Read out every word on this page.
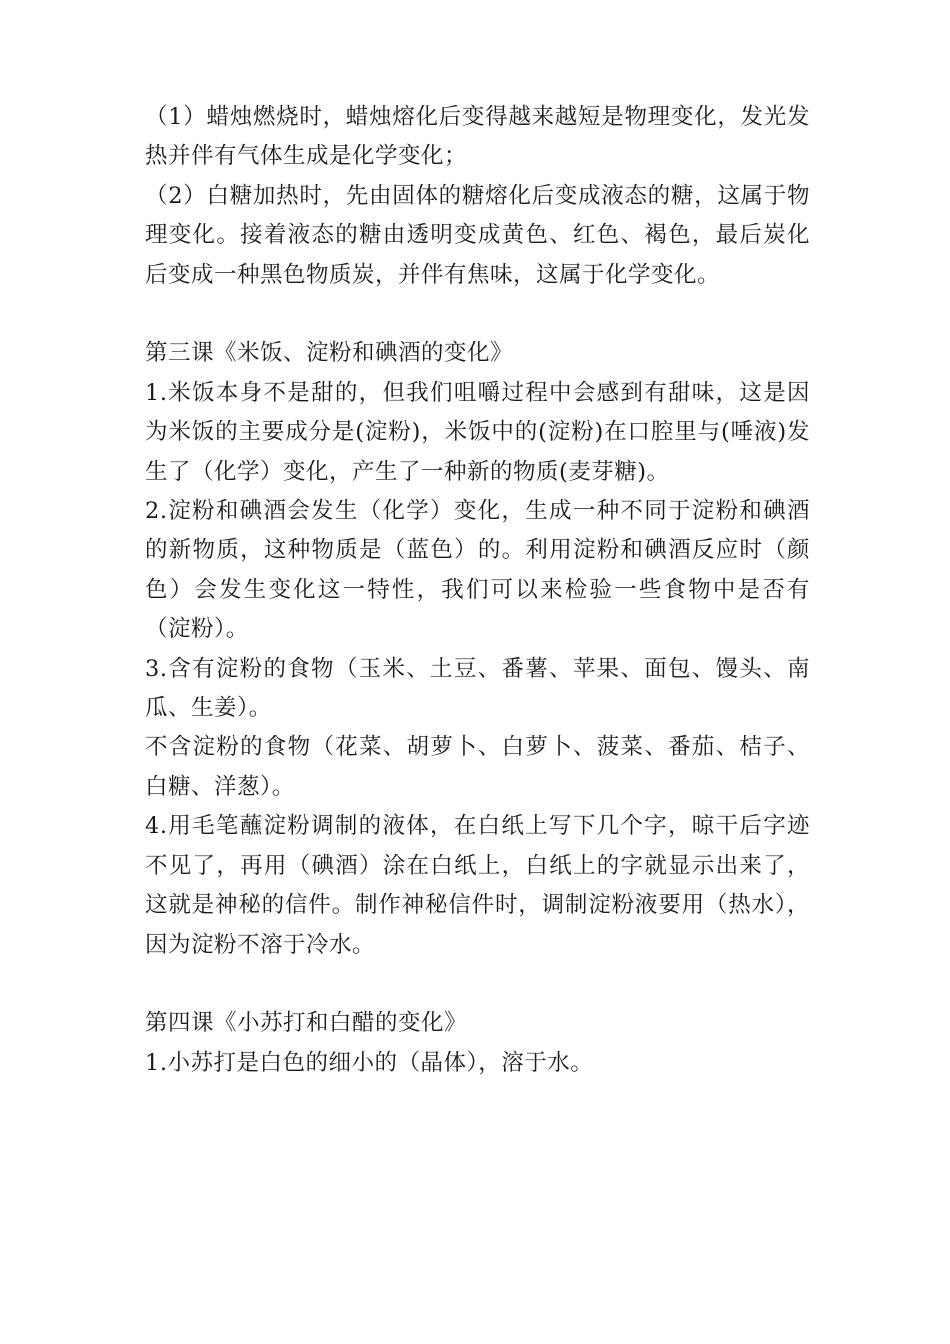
（1）蜡烛燃烧时，蜡烛熔化后变得越来越短是物理变化，发光发热并伴有气体生成是化学变化；

（2）白糖加热时，先由固体的糖熔化后变成液态的糖，这属于物理变化。接着液态的糖由透明变成黄色、红色、褐色，最后炭化后变成一种黑色物质炭，并伴有焦味，这属于化学变化。

第三课《米饭、淀粉和碘酒的变化》

1.米饭本身不是甜的，但我们咀嚼过程中会感到有甜味，这是因为米饭的主要成分是(淀粉)，米饭中的(淀粉)在口腔里与(唾液)发生了（化学）变化，产生了一种新的物质(麦芽糖)。

2.淀粉和碘酒会发生（化学）变化，生成一种不同于淀粉和碘酒的新物质，这种物质是（蓝色）的。利用淀粉和碘酒反应时（颜色）会发生变化这一特性，我们可以来检验一些食物中是否有（淀粉）。

3.含有淀粉的食物（玉米、土豆、番薯、苹果、面包、馒头、南瓜、生姜）。

不含淀粉的食物（花菜、胡萝卜、白萝卜、菠菜、番茄、桔子、白糖、洋葱）。

4.用毛笔蘸淀粉调制的液体，在白纸上写下几个字，晾干后字迹不见了，再用（碘酒）涂在白纸上，白纸上的字就显示出来了，这就是神秘的信件。制作神秘信件时，调制淀粉液要用（热水），因为淀粉不溶于冷水。

第四课《小苏打和白醋的变化》

1.小苏打是白色的细小的（晶体），溶于水。
